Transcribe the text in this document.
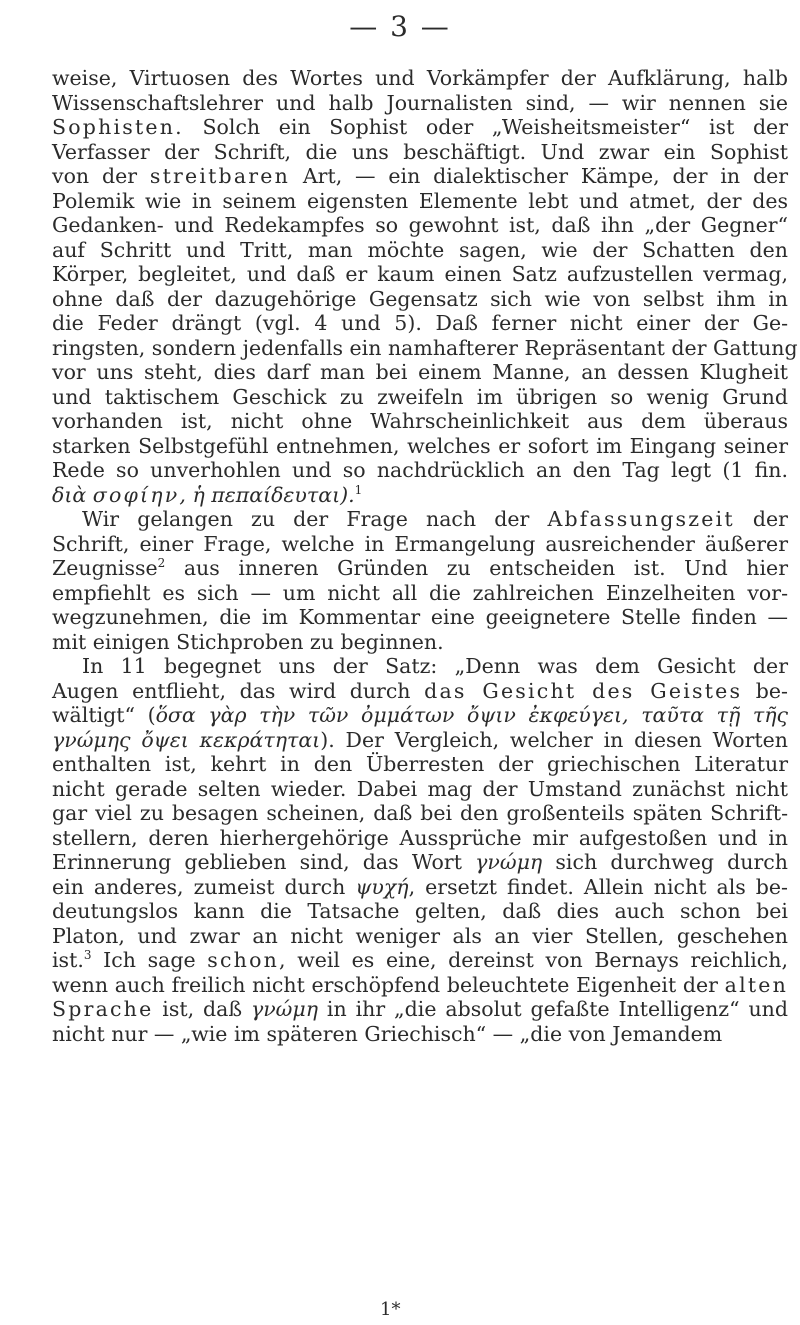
— 3 —
weise, Virtuosen des Wortes und Vorkämpfer der Aufklärung, halb
Wissenschaftslehrer und halb Journalisten sind, — wir nennen sie
Sophisten. Solch ein Sophist oder „Weisheitsmeister“ ist der
Verfasser der Schrift, die uns beschäftigt. Und zwar ein Sophist
von der streitbaren Art, — ein dialektischer Kämpe, der in der
Polemik wie in seinem eigensten Elemente lebt und atmet, der des
Gedanken- und Redekampfes so gewohnt ist, daß ihn „der Gegner“
auf Schritt und Tritt, man möchte sagen, wie der Schatten den
Körper, begleitet, und daß er kaum einen Satz aufzustellen vermag,
ohne daß der dazugehörige Gegensatz sich wie von selbst ihm in
die Feder drängt (vgl. 4 und 5). Daß ferner nicht einer der Ge-
ringsten, sondern jedenfalls ein namhafterer Repräsentant der Gattung
vor uns steht, dies darf man bei einem Manne, an dessen Klugheit
und taktischem Geschick zu zweifeln im übrigen so wenig Grund
vorhanden ist, nicht ohne Wahrscheinlichkeit aus dem überaus
starken Selbstgefühl entnehmen, welches er sofort im Eingang seiner
Rede so unverhohlen und so nachdrücklich an den Tag legt (1 fin.
διὰ σοφίην, ἡ πεπαίδευται).$^1$
Wir gelangen zu der Frage nach der Abfassungszeit der
Schrift, einer Frage, welche in Ermangelung ausreichender äußerer
Zeugnisse$^2$ aus inneren Gründen zu entscheiden ist. Und hier
empfiehlt es sich — um nicht all die zahlreichen Einzelheiten vor-
wegzunehmen, die im Kommentar eine geeignetere Stelle finden —
mit einigen Stichproben zu beginnen.
In 11 begegnet uns der Satz: „Denn was dem Gesicht der
Augen entflieht, das wird durch das Gesicht des Geistes be-
wältigt“ (ὅσα γὰρ τὴν τῶν ὀμμάτων ὄψιν ἐκφεύγει, ταῦτα τῇ τῆς
γνώμης ὄψει κεκράτηται). Der Vergleich, welcher in diesen Worten
enthalten ist, kehrt in den Überresten der griechischen Literatur
nicht gerade selten wieder. Dabei mag der Umstand zunächst nicht
gar viel zu besagen scheinen, daß bei den großenteils späten Schrift-
stellern, deren hierhergehörige Aussprüche mir aufgestoßen und in
Erinnerung geblieben sind, das Wort γνώμη sich durchweg durch
ein anderes, zumeist durch ψυχή, ersetzt findet. Allein nicht als be-
deutungslos kann die Tatsache gelten, daß dies auch schon bei
Platon, und zwar an nicht weniger als an vier Stellen, geschehen
ist.$^3$ Ich sage schon, weil es eine, dereinst von Bernays reichlich,
wenn auch freilich nicht erschöpfend beleuchtete Eigenheit der alten
Sprache ist, daß γνώμη in ihr „die absolut gefaßte Intelligenz“ und
nicht nur — „wie im späteren Griechisch“ — „die von Jemandem
1*
